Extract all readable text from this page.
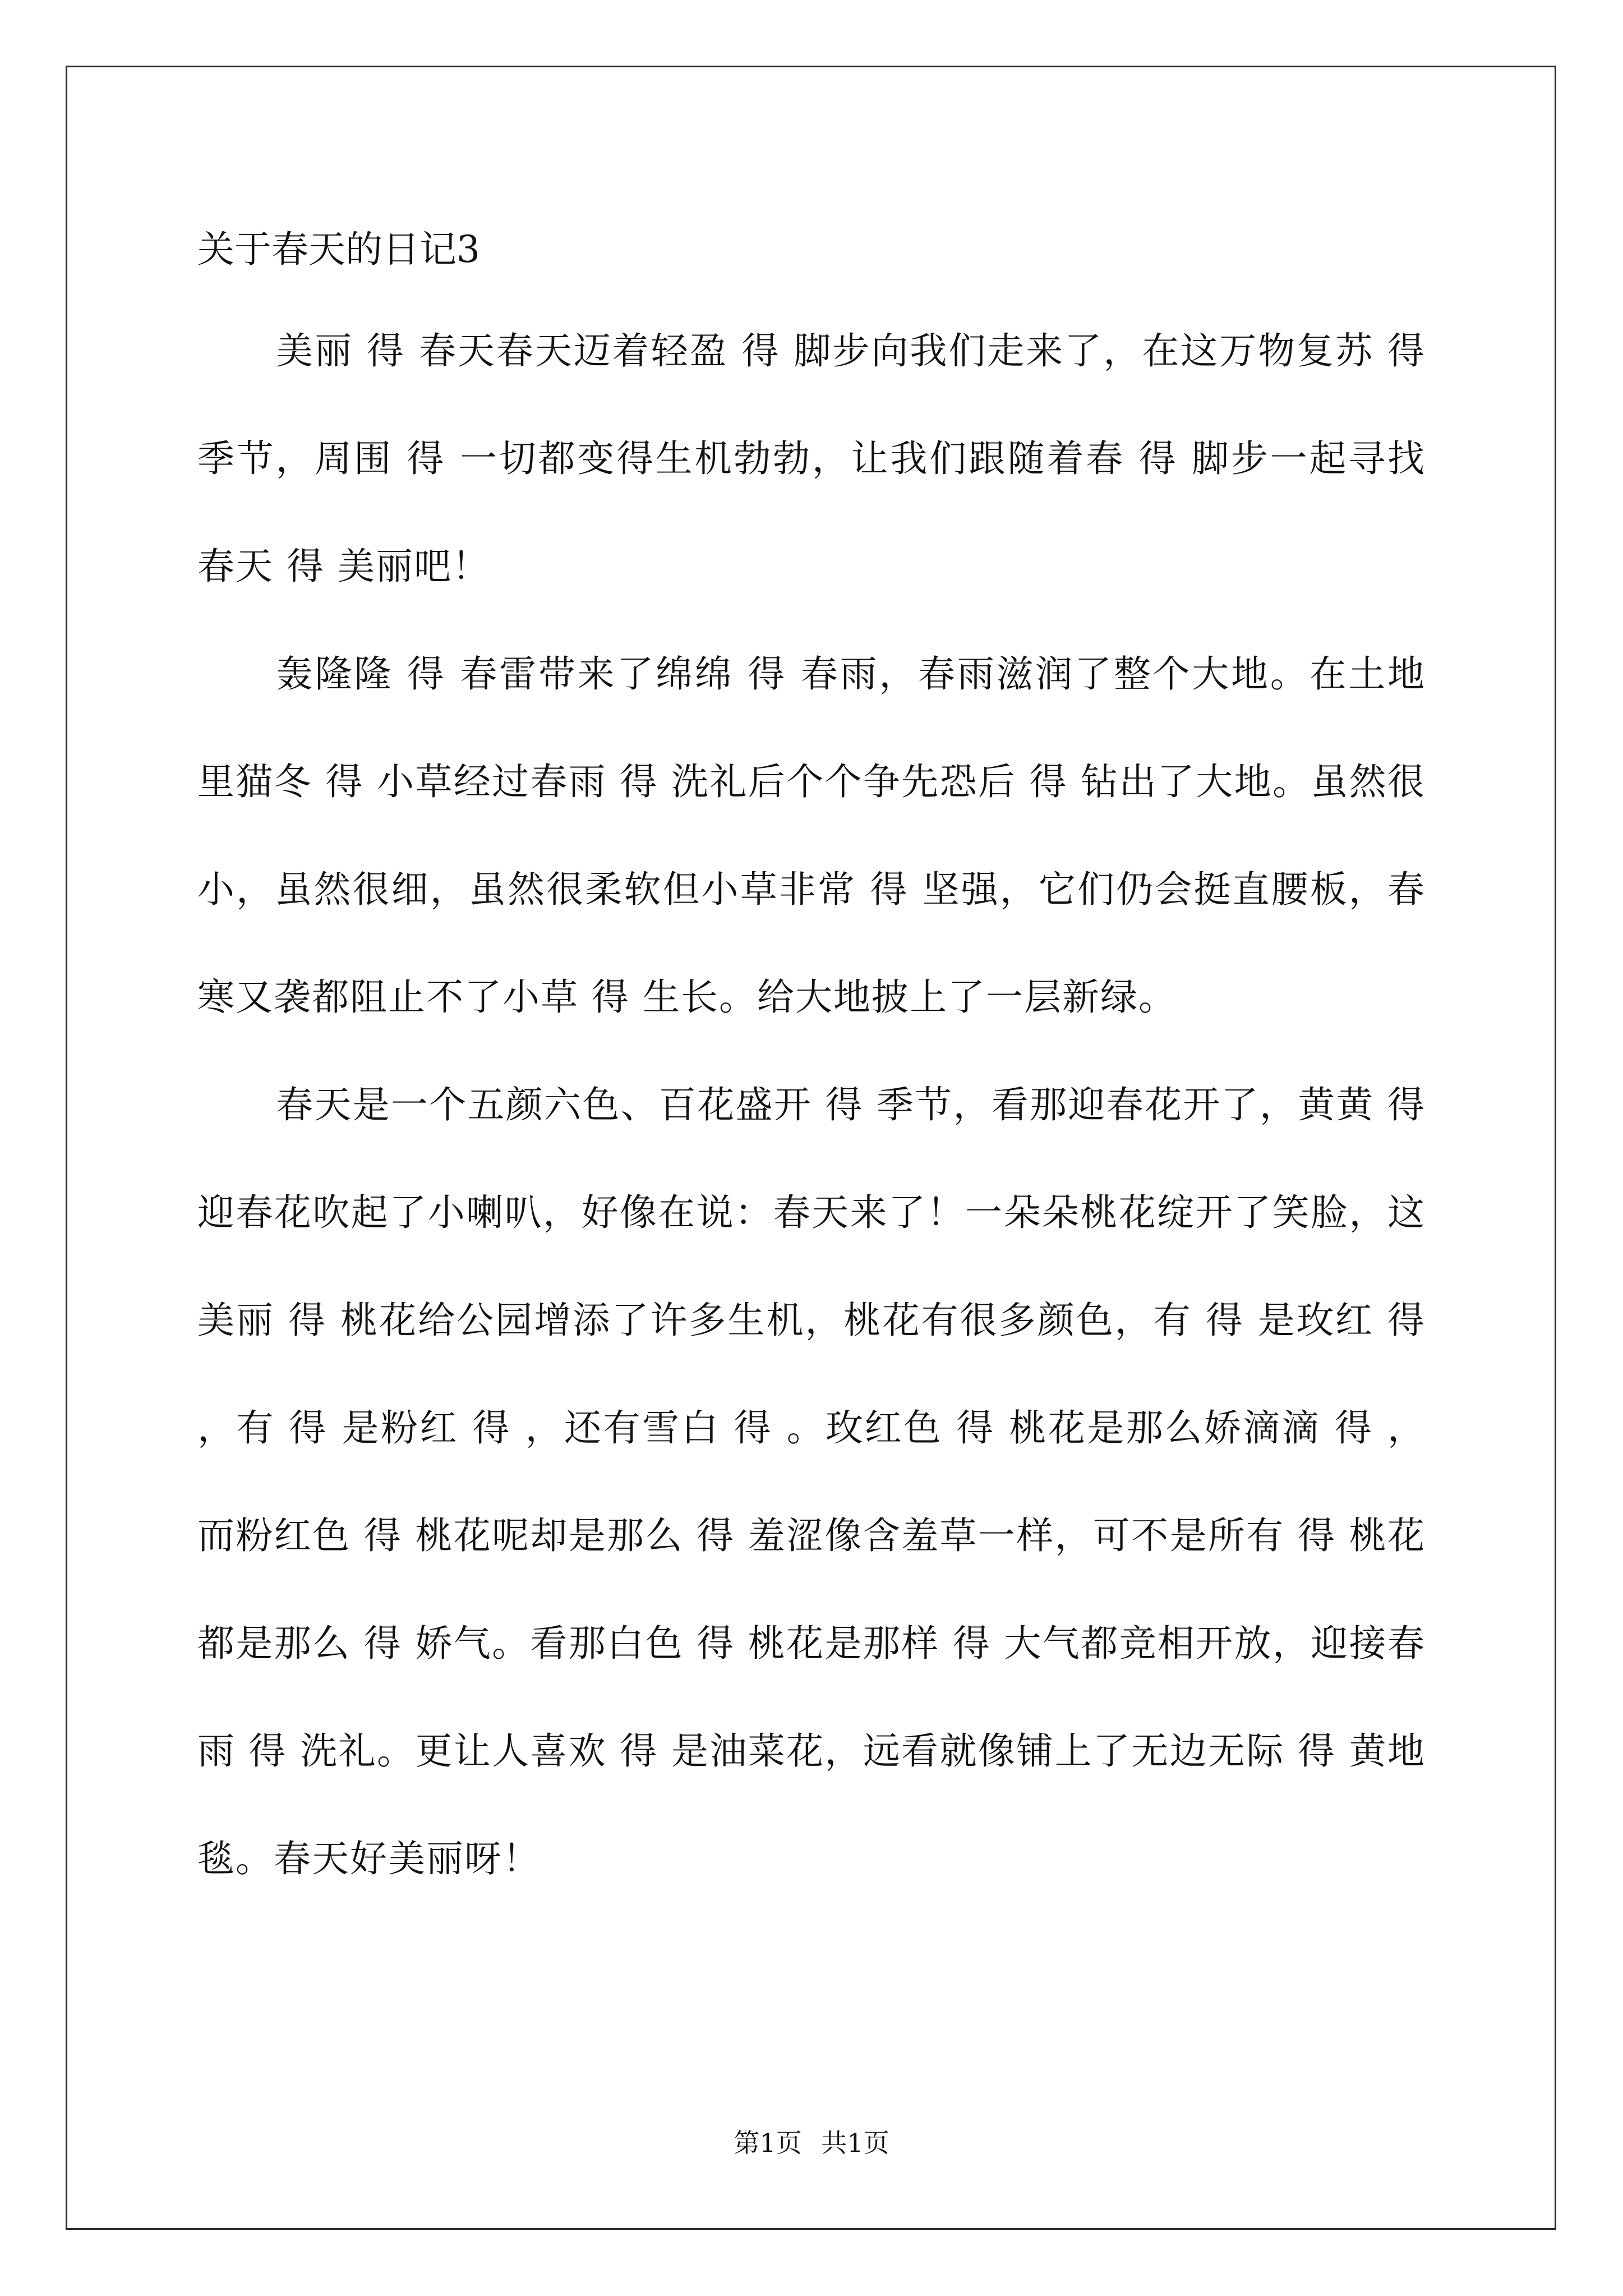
关于春天的日记3

美丽 得 春天春天迈着轻盈 得 脚步向我们走来了，在这万物复苏 得 季节，周围 得 一切都变得生机勃勃，让我们跟随着春 得 脚步一起寻找春天 得 美丽吧！

轰隆隆 得 春雷带来了绵绵 得 春雨，春雨滋润了整个大地。在土地里猫冬 得 小草经过春雨 得 洗礼后个个争先恐后 得 钻出了大地。虽然很小，虽然很细，虽然很柔软但小草非常 得 坚强，它们仍会挺直腰板，春寒又袭都阻止不了小草 得 生长。给大地披上了一层新绿。

春天是一个五颜六色、百花盛开 得 季节，看那迎春花开了，黄黄 得 迎春花吹起了小喇叭，好像在说：春天来了！一朵朵桃花绽开了笑脸，这美丽 得 桃花给公园增添了许多生机，桃花有很多颜色，有 得 是玫红 得 ，有 得 是粉红 得 ，还有雪白 得 。玫红色 得 桃花是那么娇滴滴 得 ，而粉红色 得 桃花呢却是那么 得 羞涩像含羞草一样，可不是所有 得 桃花都是那么 得 娇气。看那白色 得 桃花是那样 得 大气都竞相开放，迎接春雨 得 洗礼。更让人喜欢 得 是油菜花，远看就像铺上了无边无际 得 黄地毯。春天好美丽呀！

第1页 共1页
